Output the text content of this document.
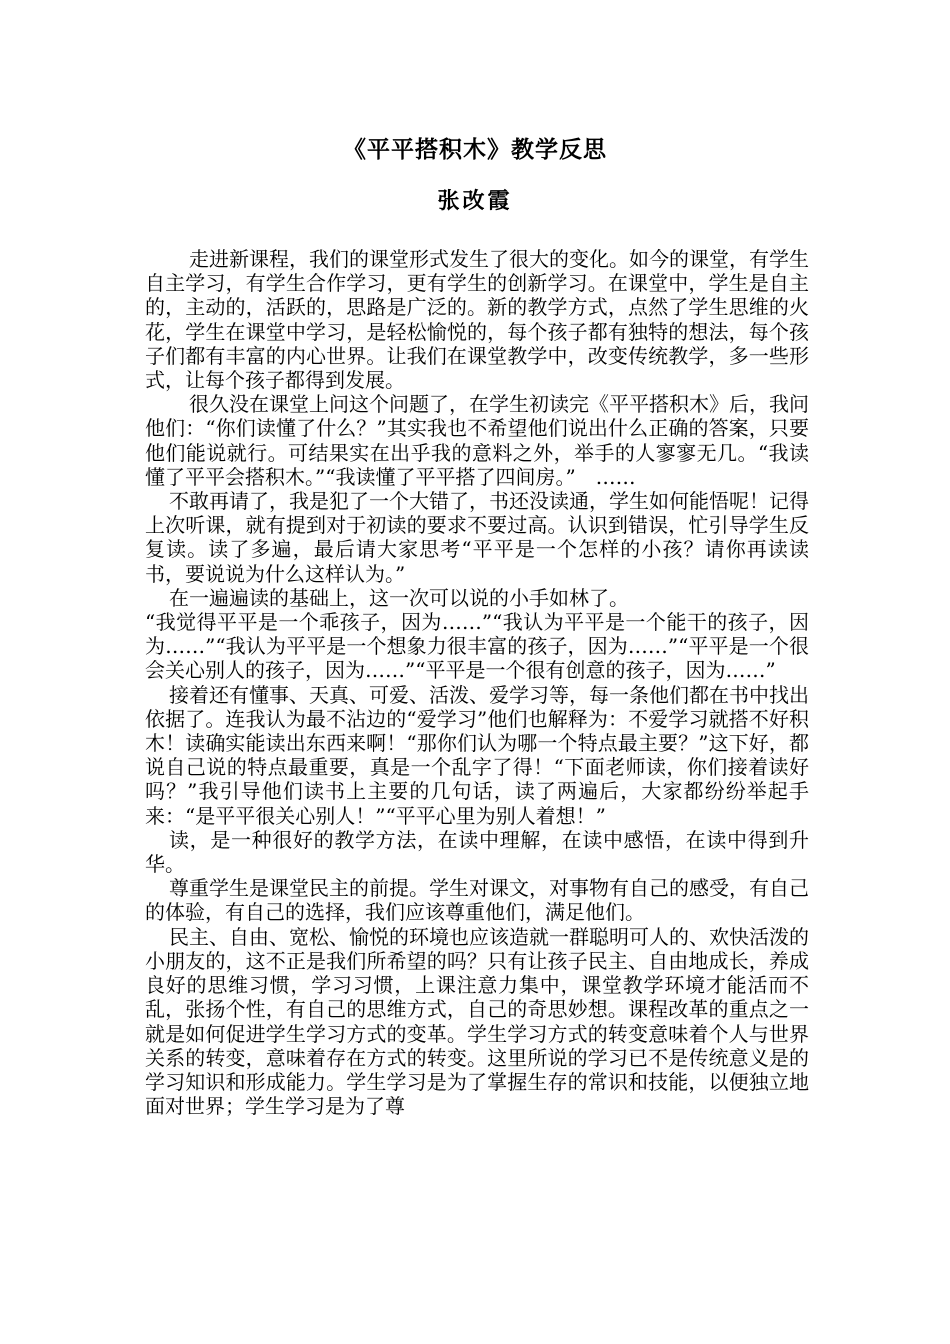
《平平搭积木》教学反思
张改霞

走进新课程，我们的课堂形式发生了很大的变化。如今的课堂，有学生自主学习，有学生合作学习，更有学生的创新学习。在课堂中，学生是自主的，主动的，活跃的，思路是广泛的。新的教学方式，点然了学生思维的火花，学生在课堂中学习，是轻松愉悦的，每个孩子都有独特的想法，每个孩子们都有丰富的内心世界。让我们在课堂教学中，改变传统教学，多一些形式，让每个孩子都得到发展。

很久没在课堂上问这个问题了，在学生初读完《平平搭积木》后，我问他们：“你们读懂了什么？”其实我也不希望他们说出什么正确的答案，只要他们能说就行。可结果实在出乎我的意料之外，举手的人寥寥无几。“我读懂了平平会搭积木。”“我读懂了平平搭了四间房。”　……

不敢再请了，我是犯了一个大错了，书还没读通，学生如何能悟呢！记得上次听课，就有提到对于初读的要求不要过高。认识到错误，忙引导学生反复读。读了多遍，最后请大家思考“平平是一个怎样的小孩？请你再读读书，要说说为什么这样认为。”

在一遍遍读的基础上，这一次可以说的小手如林了。

“我觉得平平是一个乖孩子，因为……”“我认为平平是一个能干的孩子，因为……”“我认为平平是一个想象力很丰富的孩子，因为……”“平平是一个很会关心别人的孩子，因为……”“平平是一个很有创意的孩子，因为……”

接着还有懂事、天真、可爱、活泼、爱学习等，每一条他们都在书中找出依据了。连我认为最不沾边的“爱学习”他们也解释为：不爱学习就搭不好积木！读确实能读出东西来啊！“那你们认为哪一个特点最主要？”这下好，都说自己说的特点最重要，真是一个乱字了得！“下面老师读，你们接着读好吗？”我引导他们读书上主要的几句话，读了两遍后，大家都纷纷举起手来：“是平平很关心别人！”“平平心里为别人着想！”

读，是一种很好的教学方法，在读中理解，在读中感悟，在读中得到升华。

尊重学生是课堂民主的前提。学生对课文，对事物有自己的感受，有自己的体验，有自己的选择，我们应该尊重他们，满足他们。

民主、自由、宽松、愉悦的环境也应该造就一群聪明可人的、欢快活泼的小朋友的，这不正是我们所希望的吗？只有让孩子民主、自由地成长，养成良好的思维习惯，学习习惯，上课注意力集中，课堂教学环境才能活而不乱，张扬个性，有自己的思维方式，自己的奇思妙想。课程改革的重点之一就是如何促进学生学习方式的变革。学生学习方式的转变意味着个人与世界关系的转变，意味着存在方式的转变。这里所说的学习已不是传统意义是的学习知识和形成能力。学生学习是为了掌握生存的常识和技能，以便独立地面对世界；学生学习是为了尊
